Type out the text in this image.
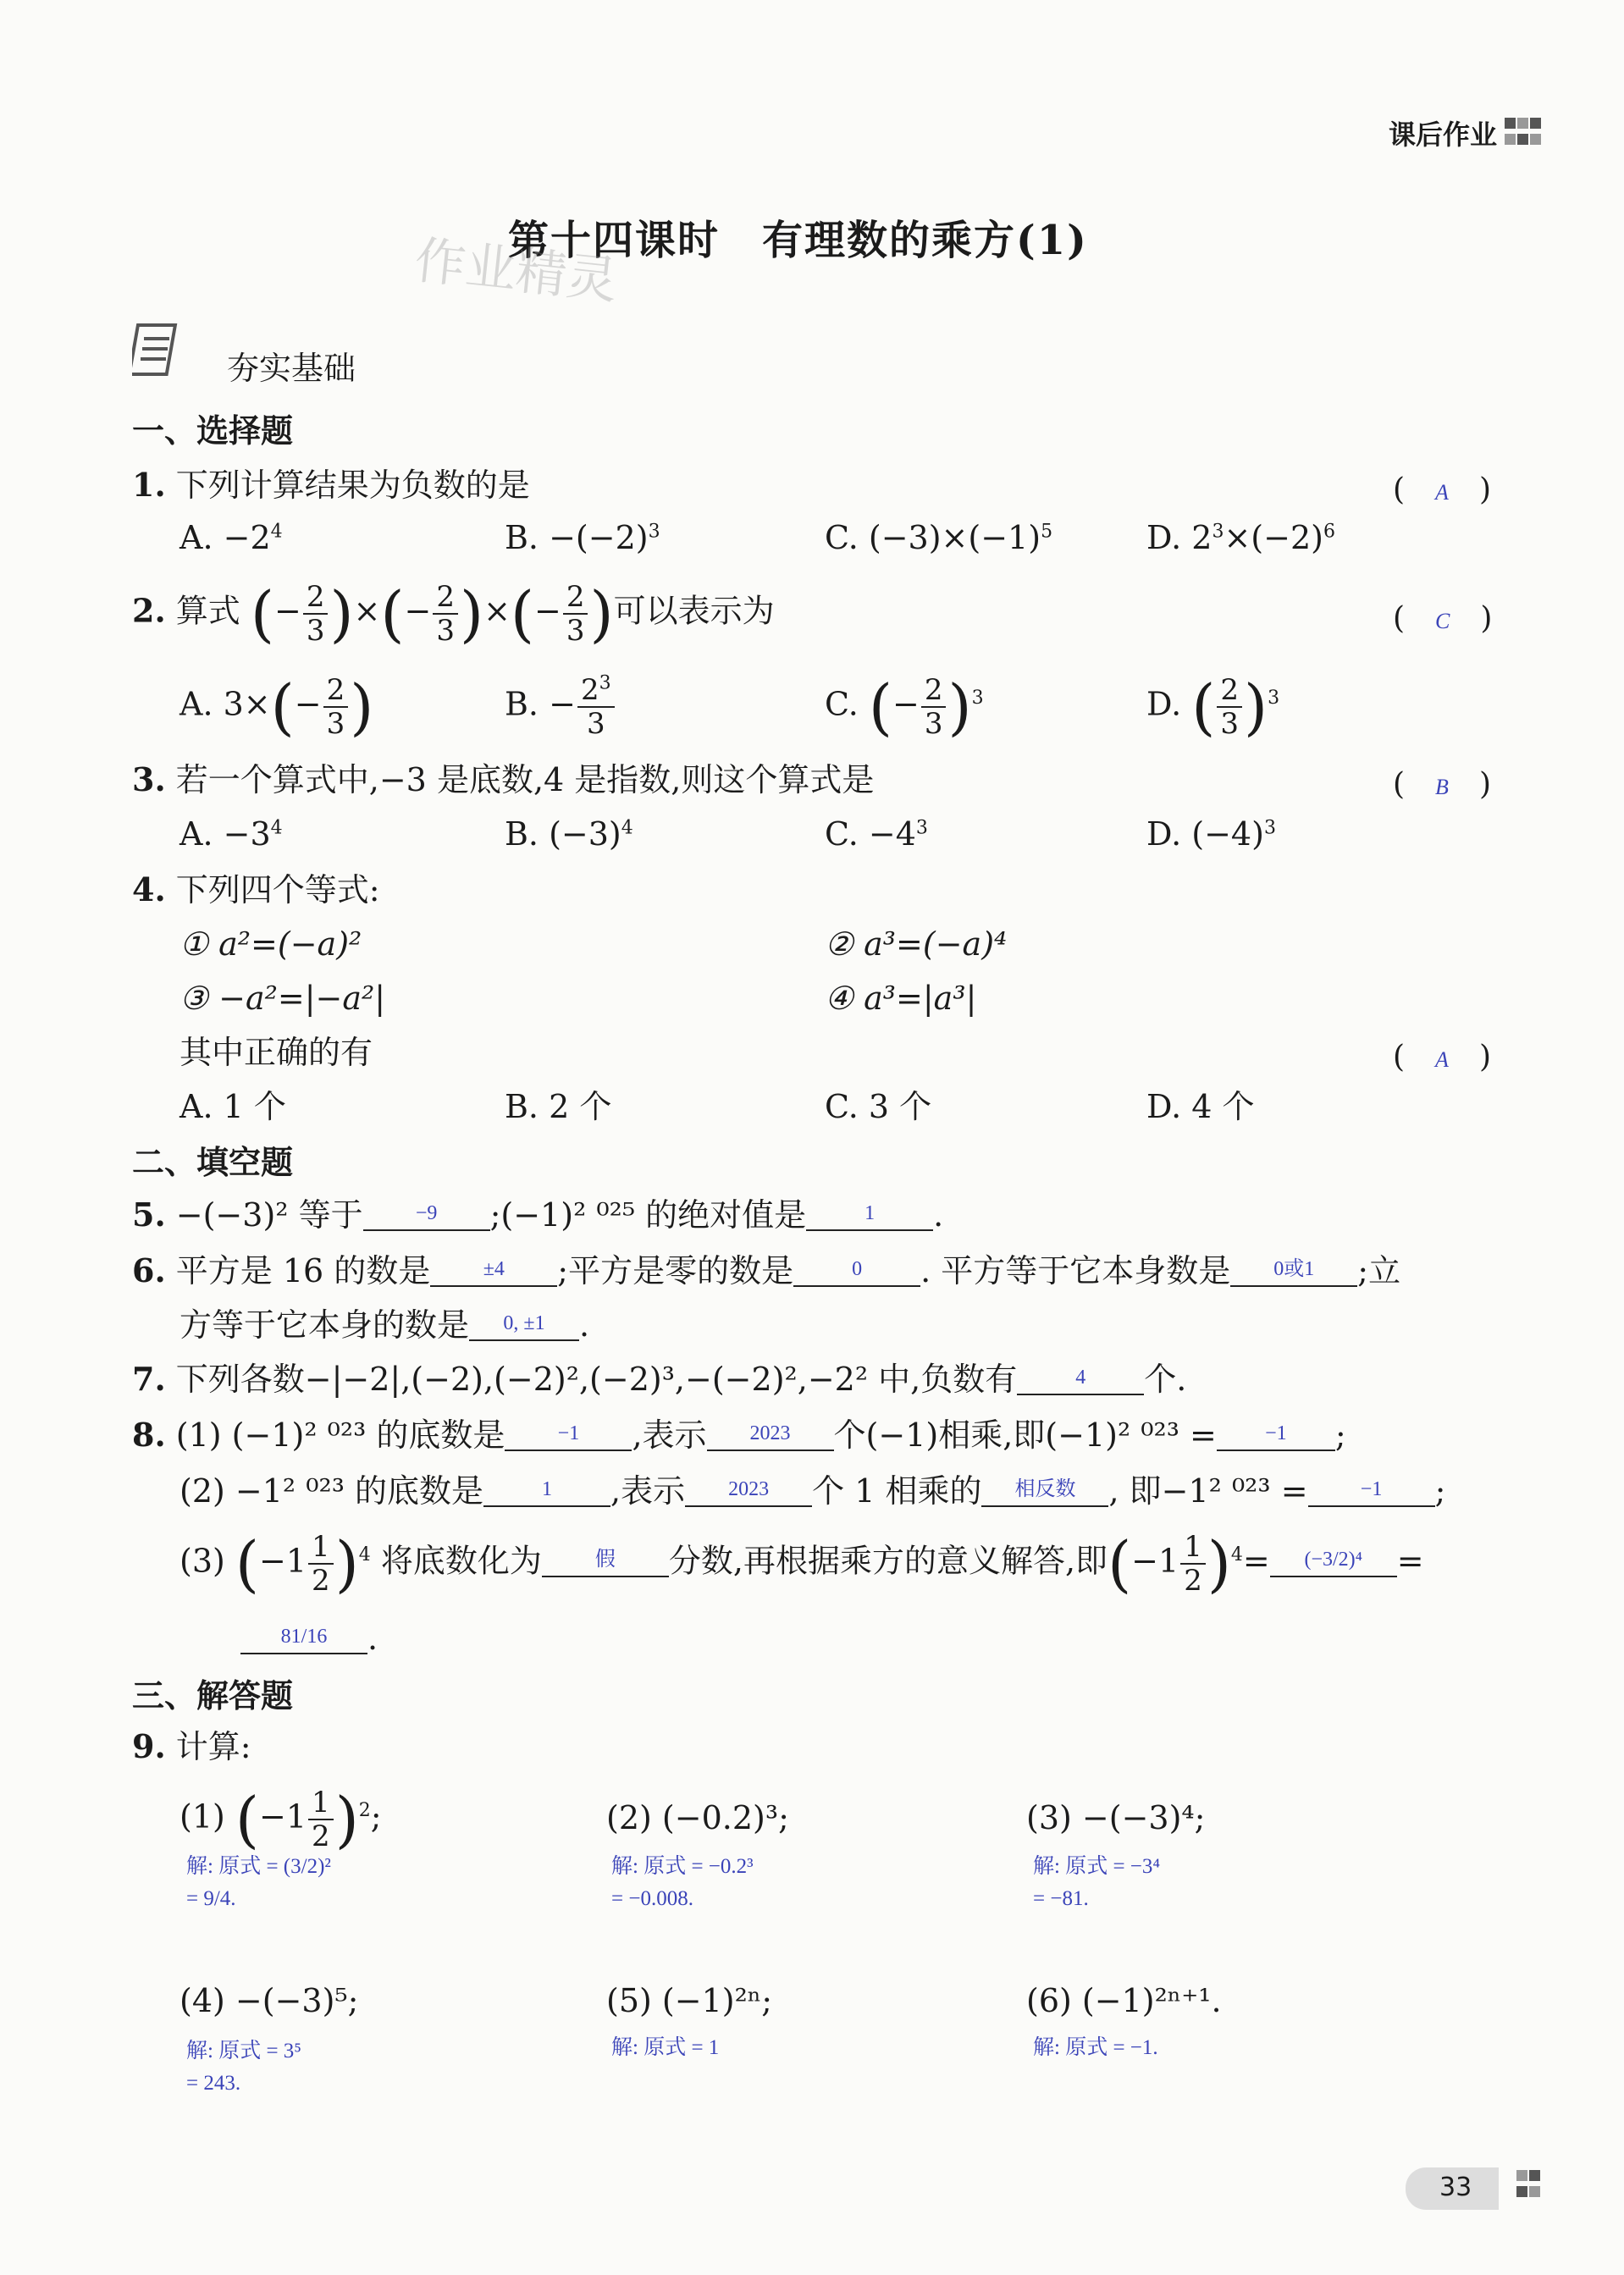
课后作业

第十四课时　有理数的乘方(1)
作业精灵
夯实基础
一、选择题
1. 下列计算结果为负数的是	(　A　)
A. $-2^4$	B. $-(-2)^3$	C. $(-3)\times(-1)^5$	D. $2^3\times(-2)^6$
2. 算式 (− $\frac{2}{3}$ )×(− $\frac{2}{3}$ )×(− $\frac{2}{3}$ )可以表示为	(　C　)
A. $3\times(- \frac{2}{3}$ )	B. − $\frac{2^3}{3}$	C. (− $\frac{2}{3} )^3$	D. ( $\frac{2}{3} )^3$
3. 若一个算式中,−3 是底数,4 是指数,则这个算式是	(　B　)
A. $-3^4$	B. $(-3)^4$	C. $-4^3$	D. $(-4)^3$
4. 下列四个等式:
① a²=(−a)²	② a³=(−a)⁴
③ −a²=|−a²|	④ a³=|a³|
其中正确的有	(　A　)
A. 1 个	B. 2 个	C. 3 个	D. 4 个
二、填空题
5. −(−3)² 等于	$^{-9}$ ;(−1)² ⁰²⁵ 的绝对值是	$^1$ .
6. 平方是 16 的数是	$^{\pm 4}$ ;平方是零的数是	$^0$ . 平方等于它本身数是 $^{0或1}$ ;立
方等于它本身的数是 $^{0, \pm 1}$ .
7. 下列各数−|−2|,(−2),(−2)²,(−2)³,−(−2)²,−2² 中,负数有	$^4$ 个.
8. (1) (−1)² ⁰²³ 的底数是	$^{-1}$ ,表示 $^{2023}$ 个(−1)相乘,即(−1)² ⁰²³ = $^{-1}$ ;
(2) −1² ⁰²³ 的底数是	$^1$ ,表示 $^{2023}$ 个 1 相乘的 $^{相反数}$ , 即−1² ⁰²³ =	$^{-1}$ ;
(3) $(-1 \frac{1}{2} )^4$ 将底数化为	$^假$ 分数,再根据乘方的意义解答,即$(-1 \frac{1}{2} )^4= ^{(-3/2)^4}$ =
$^{81/16}$ .
三、解答题
9. 计算:
(1) $(-1 \frac{1}{2} )^2$;
解: 原式 = (3/2)²
= 9/4.
(2) (−0.2)³;
解: 原式 = −0.2³
= −0.008.
(3) −(−3)⁴;
解: 原式 = −3⁴
= −81.
(4) −(−3)⁵;
解: 原式 = 3⁵
= 243.
(5) (−1)²ⁿ;
解: 原式 = 1
(6) (−1)²ⁿ⁺¹.
解: 原式 = −1.
33
